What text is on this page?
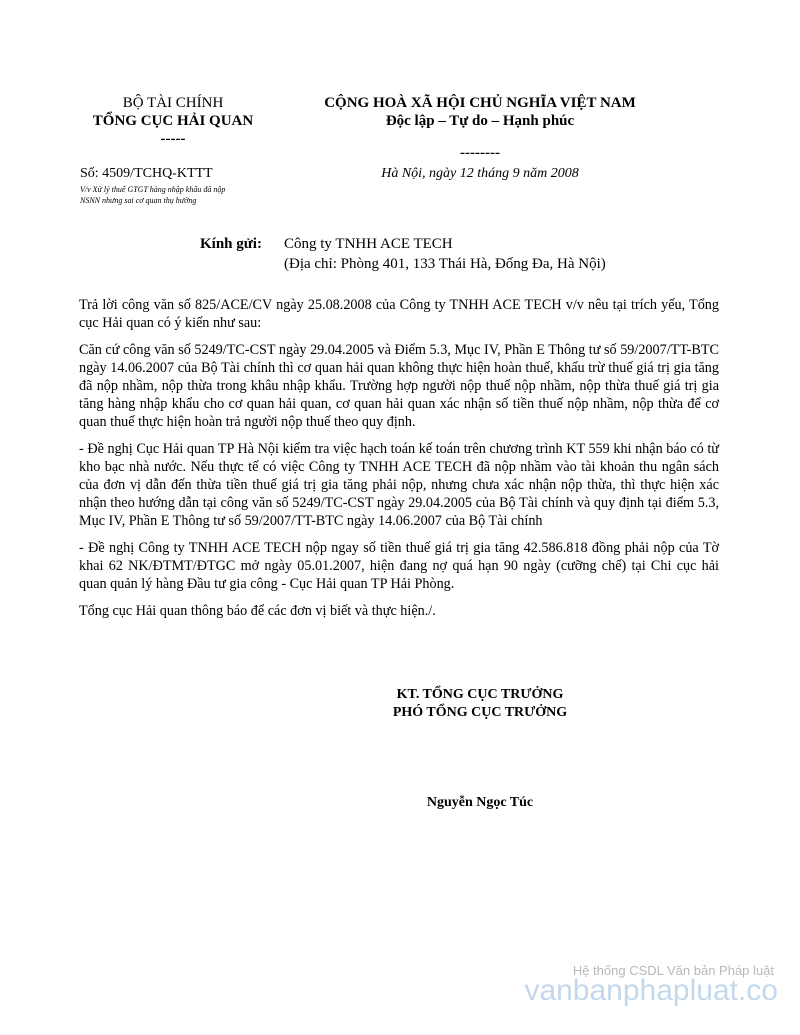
BỘ TÀI CHÍNH
TỔNG CỤC HẢI QUAN
-----
CỘNG HOÀ XÃ HỘI CHỦ NGHĨA VIỆT NAM
Độc lập – Tự do – Hạnh phúc
--------
Số: 4509/TCHQ-KTTT	Hà Nội, ngày 12 tháng 9 năm 2008
V/v Xử lý thuế GTGT hàng nhập khẩu đã nộp
NSNN nhưng sai cơ quan thụ hưởng
Kính gửi: Công ty TNHH ACE TECH
(Địa chỉ: Phòng 401, 133 Thái Hà, Đống Đa, Hà Nội)

Trả lời công văn số 825/ACE/CV ngày 25.08.2008 của Công ty TNHH ACE TECH v/v nêu tại trích yếu, Tổng cục Hải quan có ý kiến như sau:

Căn cứ công văn số 5249/TC-CST ngày 29.04.2005 và Điểm 5.3, Mục IV, Phần E Thông tư số 59/2007/TT-BTC ngày 14.06.2007 của Bộ Tài chính thì cơ quan hải quan không thực hiện hoàn thuế, khấu trừ thuế giá trị gia tăng đã nộp nhầm, nộp thừa trong khâu nhập khẩu. Trường hợp người nộp thuế nộp nhầm, nộp thừa thuế giá trị gia tăng hàng nhập khẩu cho cơ quan hải quan, cơ quan hải quan xác nhận số tiền thuế nộp nhầm, nộp thừa để cơ quan thuế thực hiện hoàn trả người nộp thuế theo quy định.

- Đề nghị Cục Hải quan TP Hà Nội kiểm tra việc hạch toán kế toán trên chương trình KT 559 khi nhận báo có từ kho bạc nhà nước. Nếu thực tế có việc Công ty TNHH ACE TECH đã nộp nhầm vào tài khoản thu ngân sách của đơn vị dẫn đến thừa tiền thuế giá trị gia tăng phải nộp, nhưng chưa xác nhận nộp thừa, thì thực hiện xác nhận theo hướng dẫn tại công văn số 5249/TC-CST ngày 29.04.2005 của Bộ Tài chính và quy định tại điểm 5.3, Mục IV, Phần E Thông tư số 59/2007/TT-BTC ngày 14.06.2007 của Bộ Tài chính

- Đề nghị Công ty TNHH ACE TECH nộp ngay số tiền thuế giá trị gia tăng 42.586.818 đồng phải nộp của Tờ khai 62 NK/ĐTMT/ĐTGC mở ngày 05.01.2007, hiện đang nợ quá hạn 90 ngày (cưỡng chế) tại Chi cục hải quan quản lý hàng Đầu tư gia công - Cục Hải quan TP Hải Phòng.

Tổng cục Hải quan thông báo để các đơn vị biết và thực hiện./.

KT. TỔNG CỤC TRƯỞNG
PHÓ TỔNG CỤC TRƯỞNG
Nguyễn Ngọc Túc
Hệ thống CSDL Văn bản Pháp luật
vanbanphapluat.co
